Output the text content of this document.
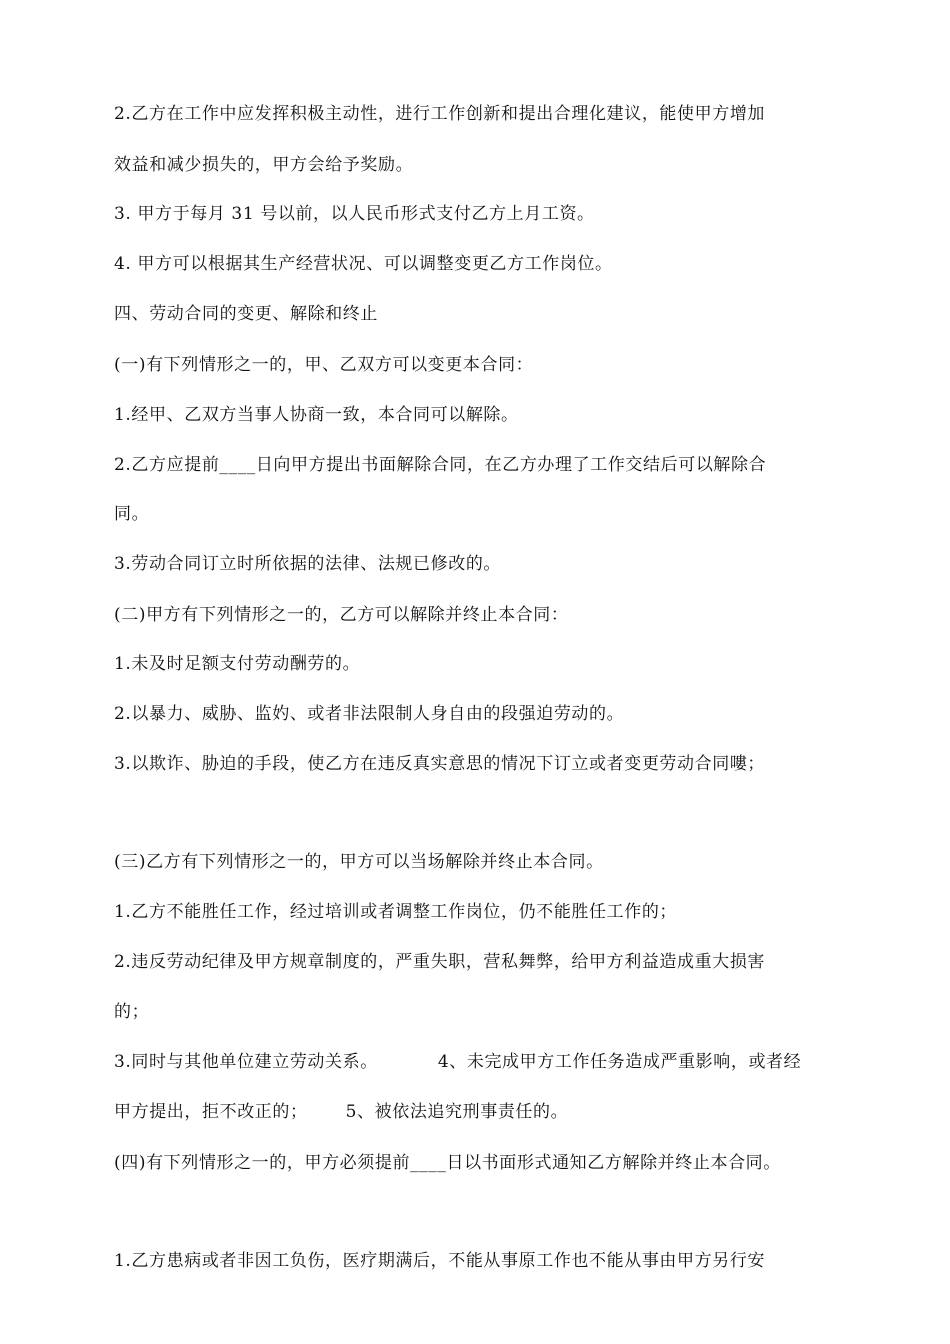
2.乙方在工作中应发挥积极主动性，进行工作创新和提出合理化建议，能使甲方增加
效益和减少损失的，甲方会给予奖励。
3. 甲方于每月 31 号以前，以人民币形式支付乙方上月工资。
4. 甲方可以根据其生产经营状况、可以调整变更乙方工作岗位。
四、劳动合同的变更、解除和终止
(一)有下列情形之一的，甲、乙双方可以变更本合同：
1.经甲、乙双方当事人协商一致，本合同可以解除。
2.乙方应提前____日向甲方提出书面解除合同，在乙方办理了工作交结后可以解除合
同。
3.劳动合同订立时所依据的法律、法规已修改的。
(二)甲方有下列情形之一的，乙方可以解除并终止本合同：
1.未及时足额支付劳动酬劳的。
2.以暴力、威胁、监妁、或者非法限制人身自由的段强迫劳动的。
3.以欺诈、胁迫的手段，使乙方在违反真实意思的情况下订立或者变更劳动合同嘍；
(三)乙方有下列情形之一的，甲方可以当场解除并终止本合同。
1.乙方不能胜任工作，经过培训或者调整工作岗位，仍不能胜任工作的；
2.违反劳动纪律及甲方规章制度的，严重失职，营私舞弊，给甲方利益造成重大损害
的；
3.同时与其他单位建立劳动关系。	4、未完成甲方工作任务造成严重影响，或者经
甲方提出，拒不改正的； 5、被依法追究刑事责任的。
(四)有下列情形之一的，甲方必须提前____日以书面形式通知乙方解除并终止本合同。
1.乙方患病或者非因工负伤，医疗期满后，不能从事原工作也不能从事由甲方另行安
